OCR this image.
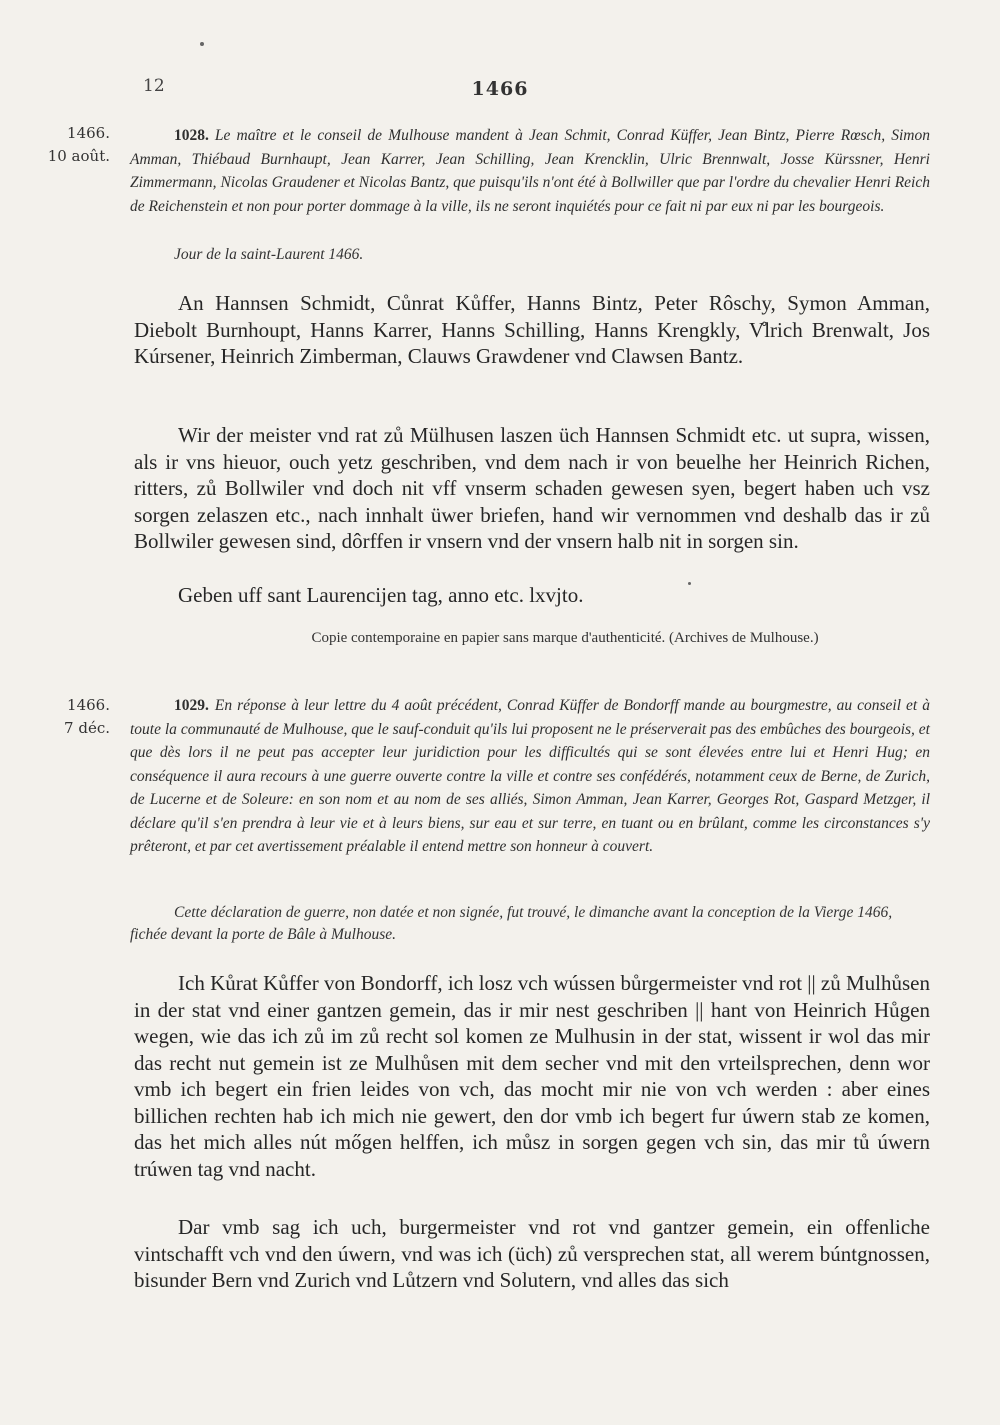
12	1466
1466.
10 août.

1028. Le maître et le conseil de Mulhouse mandent à Jean Schmit, Conrad Küffer, Jean Bintz, Pierre Rœsch, Simon Amman, Thiébaud Burnhaupt, Jean Karrer, Jean Schilling, Jean Krencklin, Ulric Brennwalt, Josse Kürssner, Henri Zimmermann, Nicolas Graudener et Nicolas Bantz, que puisqu'ils n'ont été à Bollwiller que par l'ordre du chevalier Henri Reich de Reichenstein et non pour porter dommage à la ville, ils ne seront inquiétés pour ce fait ni par eux ni par les bourgeois.

Jour de la saint-Laurent 1466.

An Hannsen Schmidt, Cůnrat Kůffer, Hanns Bintz, Peter Rôschy, Symon Amman, Diebolt Burnhoupt, Hanns Karrer, Hanns Schilling, Hanns Krengkly, V̊lrich Brenwalt, Jos Kúrsener, Heinrich Zimberman, Clauws Grawdener vnd Clawsen Bantz.

Wir der meister vnd rat zů Mülhusen laszen üch Hannsen Schmidt etc. ut supra, wissen, als ir vns hieuor, ouch yetz geschriben, vnd dem nach ir von beuelhe her Heinrich Richen, ritters, zů Bollwiler vnd doch nit vff vnserm schaden gewesen syen, begert haben uch vsz sorgen zelaszen etc., nach innhalt üwer briefen, hand wir vernommen vnd deshalb das ir zů Bollwiler gewesen sind, dôrffen ir vnsern vnd der vnsern halb nit in sorgen sin.

Geben uff sant Laurencijen tag, anno etc. lxvjto.

Copie contemporaine en papier sans marque d'authenticité. (Archives de Mulhouse.)
1466.
7 déc.

1029. En réponse à leur lettre du 4 août précédent, Conrad Küffer de Bondorff mande au bourgmestre, au conseil et à toute la communauté de Mulhouse, que le sauf-conduit qu'ils lui proposent ne le préserverait pas des embûches des bourgeois, et que dès lors il ne peut pas accepter leur juridiction pour les difficultés qui se sont élevées entre lui et Henri Hug; en conséquence il aura recours à une guerre ouverte contre la ville et contre ses confédérés, notamment ceux de Berne, de Zurich, de Lucerne et de Soleure: en son nom et au nom de ses alliés, Simon Amman, Jean Karrer, Georges Rot, Gaspard Metzger, il déclare qu'il s'en prendra à leur vie et à leurs biens, sur eau et sur terre, en tuant ou en brûlant, comme les circonstances s'y prêteront, et par cet avertissement préalable il entend mettre son honneur à couvert.

Cette déclaration de guerre, non datée et non signée, fut trouvé, le dimanche avant la conception de la Vierge 1466, fichée devant la porte de Bâle à Mulhouse.

Ich Kůrat Kůffer von Bondorff, ich losz vch wússen bůrgermeister vnd rot || zů Mulhůsen in der stat vnd einer gantzen gemein, das ir mir nest geschriben || hant von Heinrich Hůgen wegen, wie das ich zů im zů recht sol komen ze Mulhusin in der stat, wissent ir wol das mir das recht nut gemein ist ze Mulhůsen mit dem secher vnd mit den vrteilsprechen, denn wor vmb ich begert ein frien leides von vch, das mocht mir nie von vch werden : aber eines billichen rechten hab ich mich nie gewert, den dor vmb ich begert fur úwern stab ze komen, das het mich alles nút mőgen helffen, ich můsz in sorgen gegen vch sin, das mir tů úwern trúwen tag vnd nacht.

Dar vmb sag ich uch, burgermeister vnd rot vnd gantzer gemein, ein offenliche vintschafft vch vnd den úwern, vnd was ich (üch) zů versprechen stat, all werem búntgnossen, bisunder Bern vnd Zurich vnd Lůtzern vnd Solutern, vnd alles das sich
